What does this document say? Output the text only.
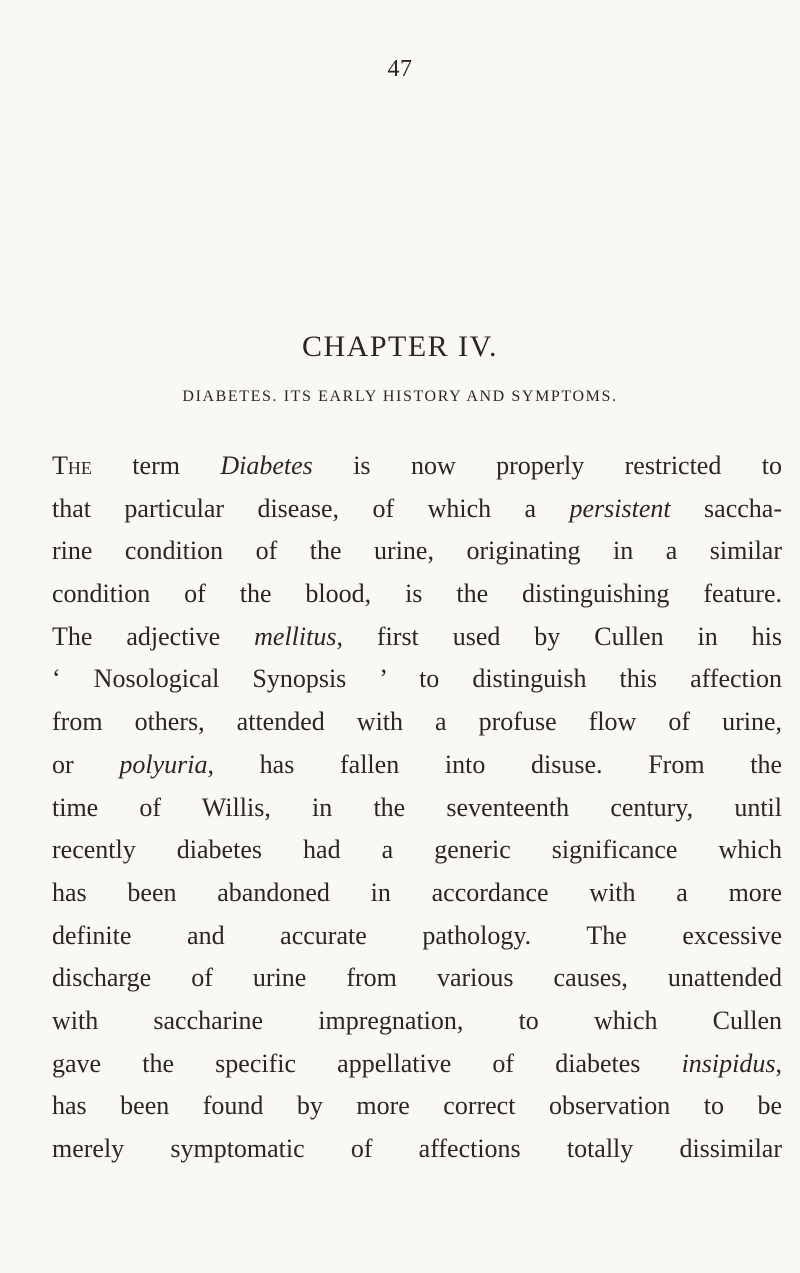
47
CHAPTER IV.
DIABETES. ITS EARLY HISTORY AND SYMPTOMS.
The term Diabetes is now properly restricted to
that particular disease, of which a persistent saccha-
rine condition of the urine, originating in a similar
condition of the blood, is the distinguishing feature.
The adjective mellitus, first used by Cullen in his
‘ Nosological Synopsis ’ to distinguish this affection
from others, attended with a profuse flow of urine,
or polyuria, has fallen into disuse. From the
time of Willis, in the seventeenth century, until
recently diabetes had a generic significance which
has been abandoned in accordance with a more
definite and accurate pathology. The excessive
discharge of urine from various causes, unattended
with saccharine impregnation, to which Cullen
gave the specific appellative of diabetes insipidus,
has been found by more correct observation to be
merely symptomatic of affections totally dissimilar
